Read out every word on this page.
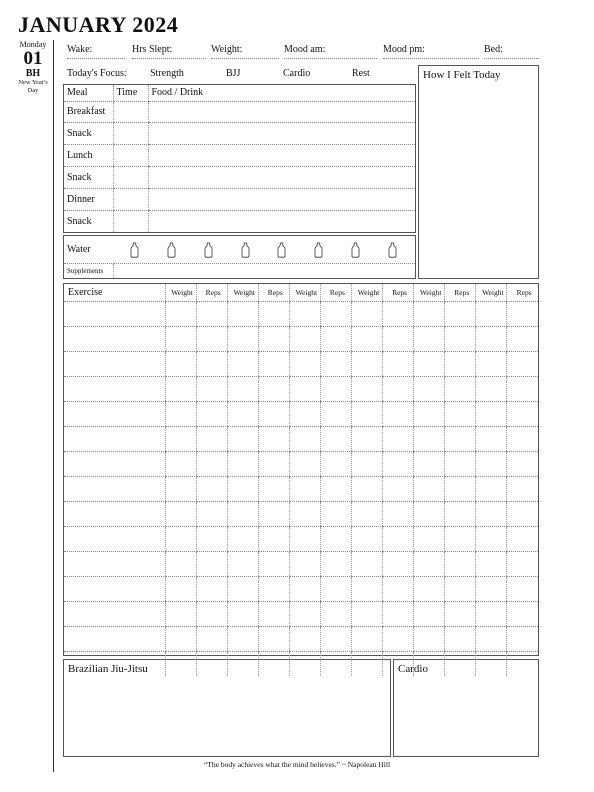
JANUARY 2024
Monday
01
BH
New Year's
Day
Wake:	Hrs Slept:	Weight:	Mood am:	Mood pm:	Bed:
Today's Focus: Strength	BJJ	Cardio	Rest
Meal	Time	Food / Drink
Breakfast		
Snack		
Lunch		
Snack		
Dinner		
Snack		
Water	

Supplements	
How I Felt Today
Exercise	Weight	Reps	Weight	Reps	Weight	Reps	Weight	Reps	Weight	Reps	Weight	Reps

Brazilian Jiu-Jitsu	Cardio
“The body achieves what the mind believes.” ~ Napolean Hill
